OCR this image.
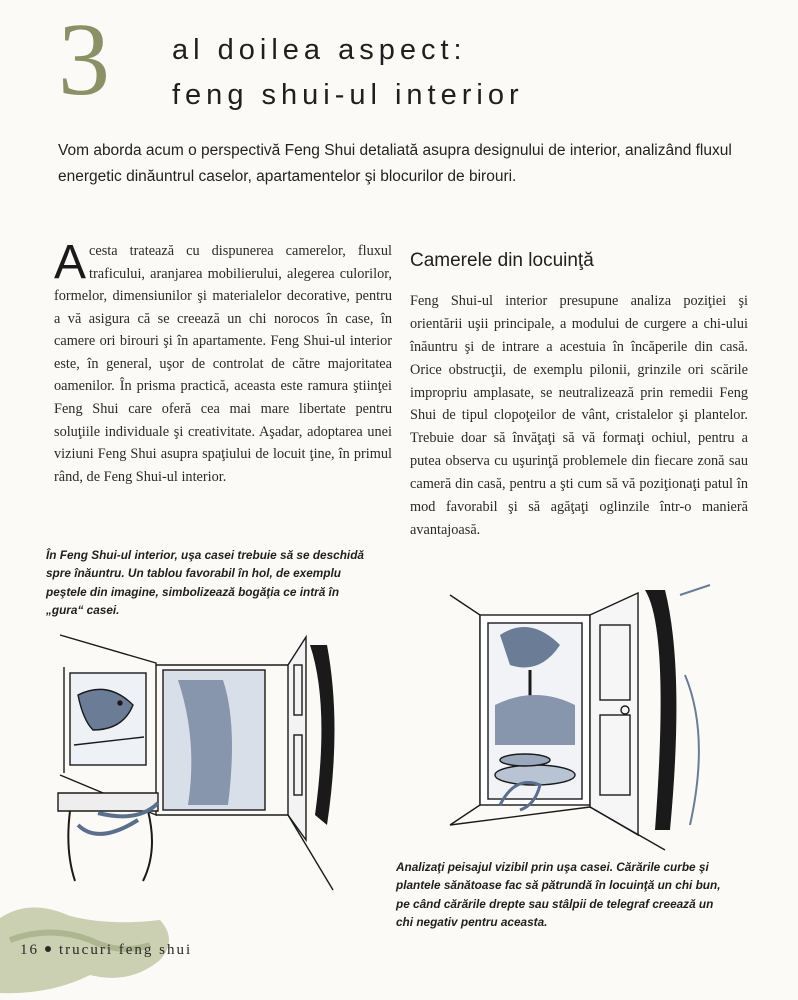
3 al doilea aspect:
feng shui-ul interior
Vom aborda acum o perspectivă Feng Shui detaliată asupra designului de interior, analizând fluxul energetic dinăuntrul caselor, apartamentelor şi blocurilor de birouri.
Acesta tratează cu dispunerea camerelor, fluxul traficului, aranjarea mobilierului, alegerea culorilor, formelor, dimensiunilor şi materialelor decorative, pentru a vă asigura că se creează un chi norocos în case, în camere ori birouri şi în apartamente. Feng Shui-ul interior este, în general, uşor de controlat de către majoritatea oamenilor. În prisma practică, aceasta este ramura ştiinţei Feng Shui care oferă cea mai mare libertate pentru soluţiile individuale şi creativitate. Aşadar, adoptarea unei viziuni Feng Shui asupra spaţiului de locuit ţine, în primul rând, de Feng Shui-ul interior.
Camerele din locuinţă
Feng Shui-ul interior presupune analiza poziţiei şi orientării uşii principale, a modului de curgere a chi-ului înăuntru şi de intrare a acestuia în încăperile din casă. Orice obstrucţii, de exemplu pilonii, grinzile ori scările impropriu amplasate, se neutralizează prin remedii Feng Shui de tipul clopoţeilor de vânt, cristalelor şi plantelor. Trebuie doar să învăţaţi să vă formaţi ochiul, pentru a putea observa cu uşurinţă problemele din fiecare zonă sau cameră din casă, pentru a şti cum să vă poziţionaţi patul în mod favorabil şi să agăţaţi oglinzile într-o manieră avantajoasă.
În Feng Shui-ul interior, uşa casei trebuie să se deschidă spre înăuntru. Un tablou favorabil în hol, de exemplu peştele din imagine, simbolizează bogăţia ce intră în „gura“ casei.
Analizaţi peisajul vizibil prin uşa casei. Cărările curbe şi plantele sănătoase fac să pătrundă în locuinţă un chi bun, pe când cărările drepte sau stâlpii de telegraf creează un chi negativ pentru aceasta.
16 trucuri feng shui
